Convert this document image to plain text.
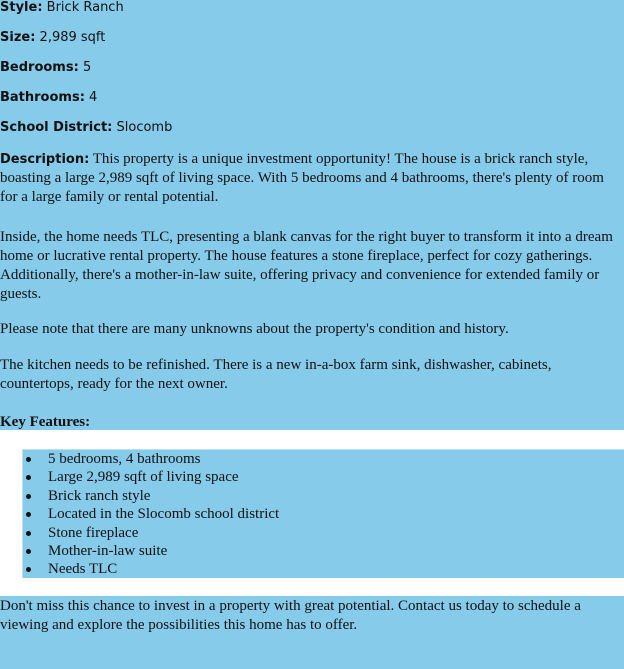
Style: Brick Ranch
Size: 2,989 sqft
Bedrooms: 5
Bathrooms: 4
School District: Slocomb

Description: This property is a unique investment opportunity! The house is a brick ranch style, boasting a large 2,989 sqft of living space. With 5 bedrooms and 4 bathrooms, there's plenty of room for a large family or rental potential.

Inside, the home needs TLC, presenting a blank canvas for the right buyer to transform it into a dream home or lucrative rental property. The house features a stone fireplace, perfect for cozy gatherings. Additionally, there's a mother-in-law suite, offering privacy and convenience for extended family or guests.

Please note that there are many unknowns about the property's condition and history.

The kitchen needs to be refinished. There is a new in-a-box farm sink, dishwasher, cabinets, countertops, ready for the next owner.

Key Features:
5 bedrooms, 4 bathrooms
Large 2,989 sqft of living space
Brick ranch style
Located in the Slocomb school district
Stone fireplace
Mother-in-law suite
Needs TLC

Don't miss this chance to invest in a property with great potential. Contact us today to schedule a viewing and explore the possibilities this home has to offer.
